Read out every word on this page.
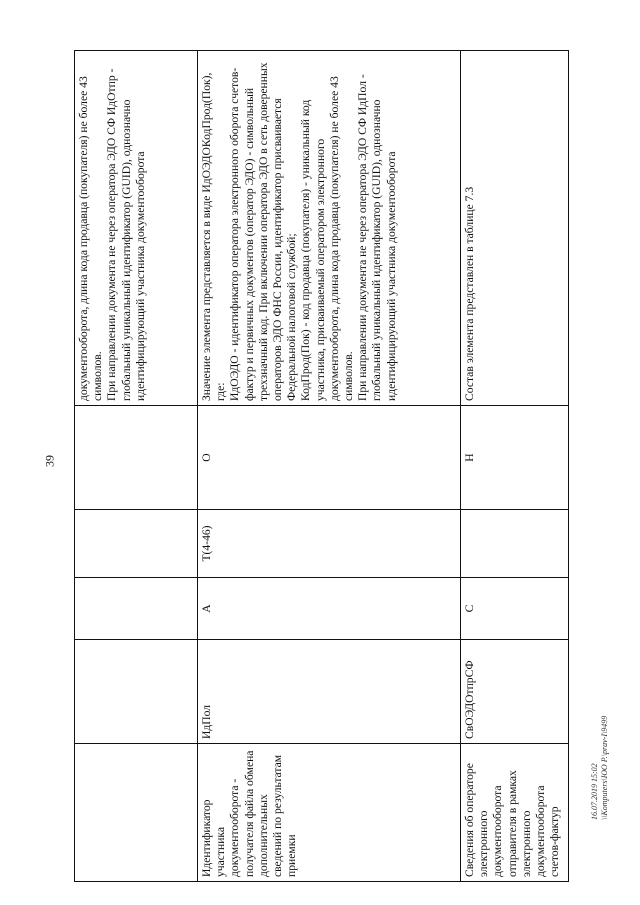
39

					документооборота, длина кода продавца (покупателя) не более 43 символов. При направлении документа не через оператора ЭДО СФ ИдОтпр - глобальный уникальный идентификатор (GUID), однозначно идентифицирующий участника документооборота

Идентификатор участника документооборота - получателя файла обмена дополнительных сведений по результатам приемки	ИдПол	А	Т(4-46)	О	Значение элемента представляется в виде ИдОЭДОКодПрод(Пок), где: ИдОЭДО - идентификатор оператора электронного оборота счетов-фактур и первичных документов (оператор ЭДО) - символьный трехзначный код. При включении оператора ЭДО в сеть доверенных операторов ЭДО ФНС России, идентификатор присваивается Федеральной налоговой службой; КодПрод(Пок) - код продавца (покупателя) - уникальный код участника, присваиваемый оператором электронного документооборота, длина кода продавца (покупателя) не более 43 символов. При направлении документа не через оператора ЭДО СФ ИдПол - глобальный уникальный идентификатор (GUID), однозначно идентифицирующий участника документооборота

Сведения об операторе электронного документооборота отправителя в рамках электронного документооборота счетов-фактур	СвОЭДОтпрСФ	С		Н	Состав элемента представлен в таблице 7.3
16.07.2019 15:02 \\Komputers\ЮО Р.\prav-I\9499
